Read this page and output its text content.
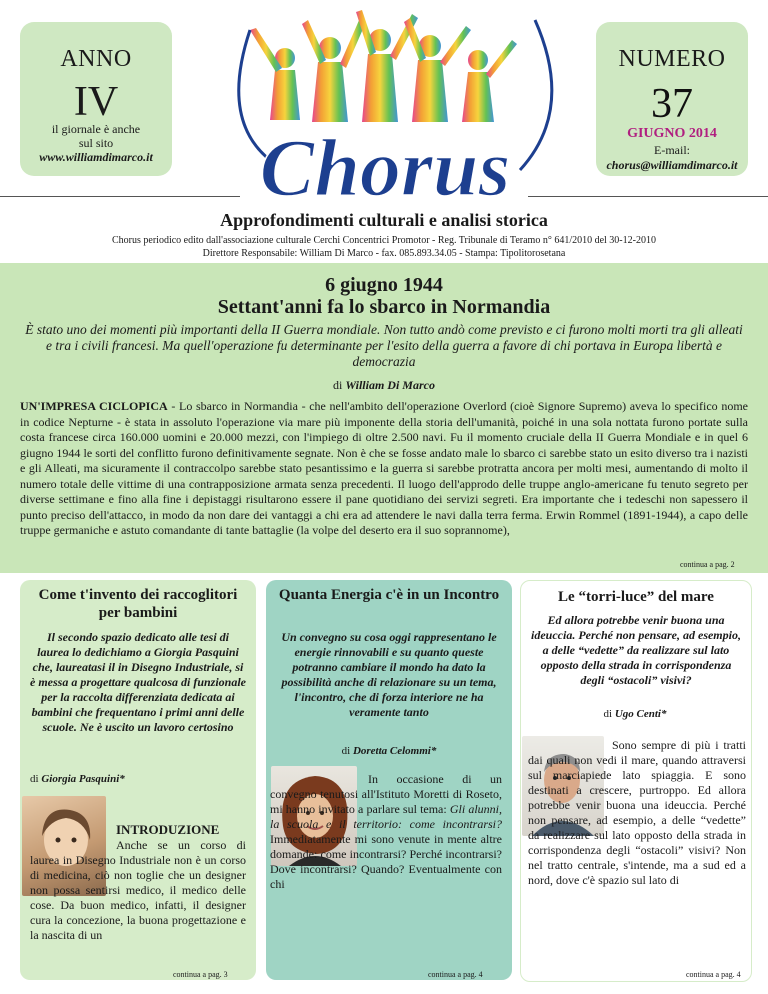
ANNO
IV
il giornale è anche
sul sito
www.williamdimarco.it
NUMERO
37
GIUGNO 2014
E-mail:
chorus@williamdimarco.it
Chorus
Approfondimenti culturali e analisi storica
Chorus periodico edito dall'associazione culturale Cerchi Concentrici Promotor - Reg. Tribunale di Teramo n° 641/2010 del 30-12-2010
Direttore Responsabile: William Di Marco - fax. 085.893.34.05 - Stampa: Tipolitorosetana
6 giugno 1944
Settant'anni fa lo sbarco in Normandia
È stato uno dei momenti più importanti della II Guerra mondiale. Non tutto andò come previsto e ci furono molti morti tra gli alleati e tra i civili francesi. Ma quell'operazione fu determinante per l'esito della guerra a favore di chi portava in Europa libertà e democrazia
di William Di Marco
UN'IMPRESA CICLOPICA - Lo sbarco in Normandia - che nell'ambito dell'operazione Overlord (cioè Signore Supremo) aveva lo specifico nome in codice Nepturne - è stata in assoluto l'operazione via mare più imponente della storia dell'umanità, poiché in una sola nottata furono portate sulla costa francese circa 160.000 uomini e 20.000 mezzi, con l'impiego di oltre 2.500 navi. Fu il momento cruciale della II Guerra Mondiale e in quel 6 giugno 1944 le sorti del conflitto furono definitivamente segnate. Non è che se fosse andato male lo sbarco ci sarebbe stato un esito diverso tra i nazisti e gli Alleati, ma sicuramente il contraccolpo sarebbe stato pesantissimo e la guerra si sarebbe protratta ancora per molti mesi, aumentando di molto il numero totale delle vittime di una contrapposizione armata senza precedenti. Il luogo dell'approdo delle truppe anglo-americane fu tenuto segreto per diverse settimane e fino alla fine i depistaggi risultarono essere il pane quotidiano dei servizi segreti. Era importante che i tedeschi non sapessero il punto preciso dell'attacco, in modo da non dare dei vantaggi a chi era ad attendere le navi dalla terra ferma. Erwin Rommel (1891-1944), a capo delle truppe germaniche e astuto comandante di tante battaglie (la volpe del deserto era il suo soprannome),
continua a pag. 2
Come t'invento dei raccoglitori per bambini
Il secondo spazio dedicato alle tesi di laurea lo dedichiamo a Giorgia Pasquini che, laureatasi il in Disegno Industriale, si è messa a progettare qualcosa di funzionale per la raccolta differenziata dedicata ai bambini che frequentano i primi anni delle scuole. Ne è uscito un lavoro certosino
di Giorgia Pasquini*
INTRODUZIONE
Anche se un corso di laurea in Disegno Industriale non è un corso di medicina, ciò non toglie che un designer non possa sentirsi medico, il medico delle cose. Da buon medico, infatti, il designer cura la concezione, la buona progettazione e la nascita di un
continua a pag. 3
Quanta Energia c'è in un Incontro
Un convegno su cosa oggi rappresentano le energie rinnovabili e su quanto queste potranno cambiare il mondo ha dato la possibilità anche di relazionare su un tema, l'incontro, che di forza interiore ne ha veramente tanto
di Doretta Celommi*
In occasione di un convegno tenutosi all'Istituto Moretti di Roseto, mi hanno invitato a parlare sul tema: Gli alunni, la scuola e il territorio: come incontrarsi? Immediatamente mi sono venute in mente altre domande: come incontrarsi? Perché incontrarsi? Dove incontrarsi? Quando? Eventualmente con chi
continua a pag. 4
Le “torri-luce” del mare
Ed allora potrebbe venir buona una ideuccia. Perché non pensare, ad esempio, a delle “vedette” da realizzare sul lato opposto della strada in corrispondenza degli “ostacoli” visivi?
di Ugo Centi*
Sono sempre di più i tratti dai quali non vedi il mare, quando attraversi sul marciapiede lato spiaggia. E sono destinati a crescere, purtroppo. Ed allora potrebbe venir buona una ideuccia. Perché non pensare, ad esempio, a delle “vedette” da realizzare sul lato opposto della strada in corrispondenza degli “ostacoli” visivi? Non nel tratto centrale, s'intende, ma a sud ed a nord, dove c'è spazio sul lato di
continua a pag. 4
